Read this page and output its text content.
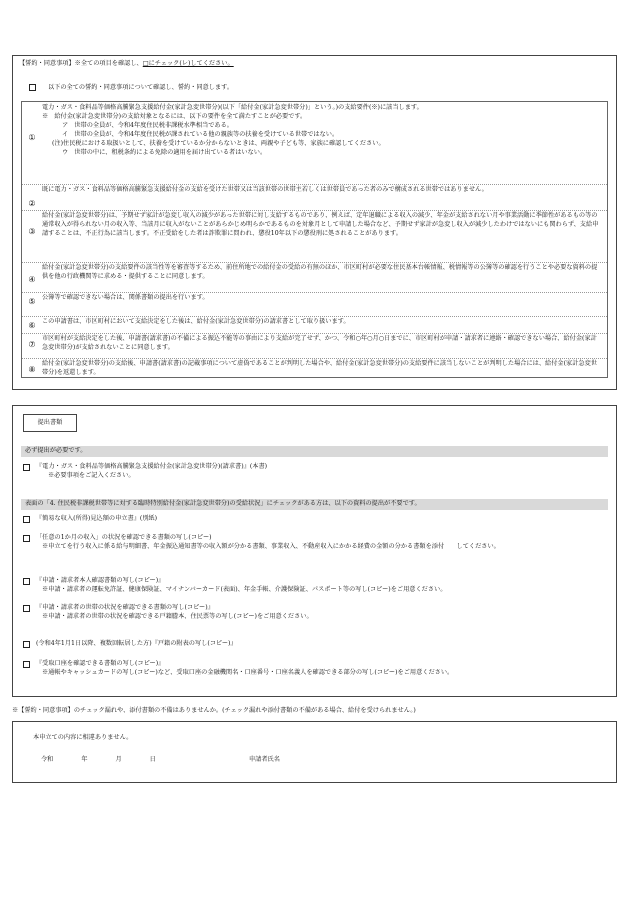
【誓約・同意事項】※全ての項目を確認し、□にチェック(レ)してください。
以下の全ての誓約・同意事項について確認し、誓約・同意します。
①
電力・ガス・食料品等価格高騰緊急支援給付金(家計急変世帯分)(以下「給付金(家計急変世帯分)」という。)の支給要件(※)に該当します。
※　給付金(家計急変世帯分)の支給対象となるには、以下の要件を全て満たすことが必要です。
ア　世帯の全員が、令和4年度住民税非課税水準相当である。
イ　世帯の全員が、令和4年度住民税が課されている他の親族等の扶養を受けている世帯ではない。
(注)住民税における取扱いとして、扶養を受けているか分からないときは、両親や子ども等、家族に確認してください。
ウ　世帯の中に、租税条約による免除の適用を届け出ている者はいない。
②
既に電力・ガス・食料品等価格高騰緊急支援給付金の支給を受けた世帯又は当該世帯の世帯主若しくは世帯員であった者のみで構成される世帯ではありません。
③
給付金(家計急変世帯分)は、予期せず家計が急変し収入の減少があった世帯に対し支給するものであり、例えば、定年退職による収入の減少、年金が支給されない月や事業活動に季節性があるもの等の通常収入が得られない月の収入等、当該月に収入がないことがあらかじめ明らかであるものを対象月として申請した場合など、予期せず家計が急変し収入が減少したわけではないにも関わらず、支給申請することは、不正行為に該当します。不正受給をした者は詐欺罪に問われ、懲役10年以下の懲役刑に処されることがあります。
④
給付金(家計急変世帯分)の支給要件の該当性等を審査等するため、前住所地での給付金の受給の有無のほか、市区町村が必要な住民基本台帳情報、税情報等の公簿等の確認を行うことや必要な資料の提供を他の行政機関等に求める・提供することに同意します。
⑤	公簿等で確認できない場合は、関係書類の提出を行います。
⑥	この申請書は、市区町村において支給決定をした後は、給付金(家計急変世帯分)の請求書として取り扱います。
⑦
市区町村が支給決定をした後、申請書(請求書)の不備による振込不能等の事由により支給が完了せず、かつ、令和○年○月○日までに、市区町村が申請・請求者に連絡・確認できない場合、給付金(家計急変世帯分)が支給されないことに同意します。
⑧
給付金(家計急変世帯分)の支給後、申請書(請求書)の記載事項について虚偽であることが判明した場合や、給付金(家計急変世帯分)の支給要件に該当しないことが判明した場合には、給付金(家計急変世帯分)を返還します。
提出書類
必ず提出が必要です。
『電力・ガス・食料品等価格高騰緊急支援給付金(家計急変世帯分)(請求書)』(本書)
※必要事項をご記入ください。
表面の「4. 住民税非課税世帯等に対する臨時特別給付金(家計急変世帯分)の受給状況」にチェックがある方は、以下の資料の提出が不要です。
『簡易な収入(所得)見込額の申立書』(別紙)
「任意の1か月の収入」の状況を確認できる書類の写し(コピー)
※申立てを行う収入に係る給与明細書、年金振込通知書等の収入額が分かる書類、事業収入、不動産収入にかかる経費の金額の分かる書類を添付　　してください。
『申請・請求者本人確認書類の写し(コピー)』
※申請・請求者の運転免許証、健康保険証、マイナンバーカード(表面)、年金手帳、介護保険証、パスポート等の写し(コピー)をご用意ください。
『申請・請求者の世帯の状況を確認できる書類の写し(コピー)』
※申請・請求者の世帯の状況を確認できる戸籍謄本、住民票等の写し(コピー)をご用意ください。
(令和4年1月1日以降、複数回転居した方)『戸籍の附表の写し(コピー)』
『受取口座を確認できる書類の写し(コピー)』
※通帳やキャッシュカードの写し(コピー)など、受取口座の金融機関名・口座番号・口座名義人を確認できる部分の写し(コピー)をご用意ください。
※【誓約・同意事項】のチェック漏れや、添付書類の不備はありませんか。(チェック漏れや添付書類の不備がある場合、給付を受けられません。)
本申立ての内容に相違ありません。
令和	年	月	日	申請者氏名
